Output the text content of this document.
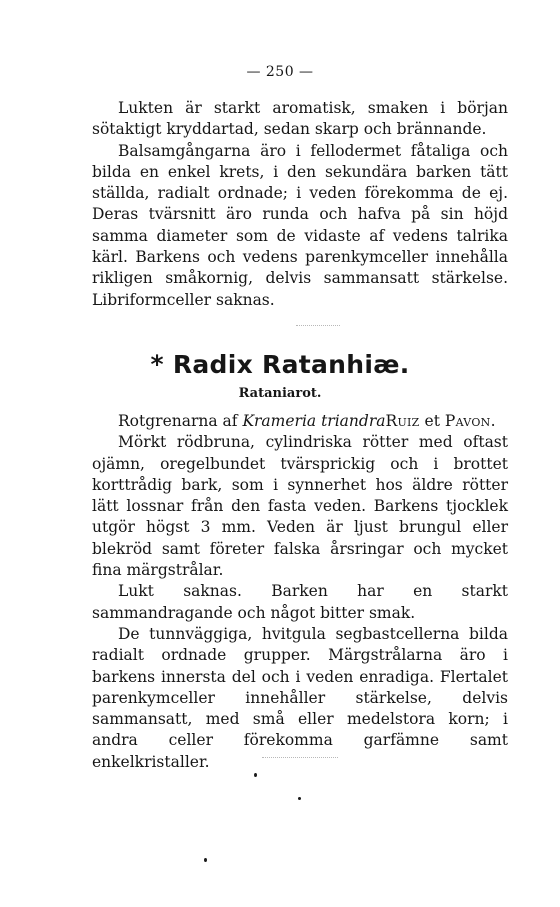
— 250 —

Lukten är starkt aromatisk, smaken i början sötaktigt kryddartad, sedan skarp och brännande.

Balsamgångarna äro i fellodermet fåtaliga och bilda en enkel krets, i den sekundära barken tätt ställda, radialt ordnade; i veden förekomma de ej. Deras tvärsnitt äro runda och hafva på sin höjd samma diameter som de vidaste af vedens talrika kärl. Barkens och vedens parenkymceller innehålla rikligen småkornig, delvis sammansatt stärkelse. Libriformceller saknas.

* Radix Ratanhiæ.
Rataniarot.

Rotgrenarna af Krameria triandraRuiz et Pavon.

Mörkt rödbruna, cylindriska rötter med oftast ojämn, oregelbundet tvärsprickig och i brottet korttrådig bark, som i synnerhet hos äldre rötter lätt lossnar från den fasta veden. Barkens tjocklek utgör högst 3 mm. Veden är ljust brungul eller blekröd samt företer falska årsringar och mycket fina märgstrålar.

Lukt saknas. Barken har en starkt sammandragande och något bitter smak.

De tunnväggiga, hvitgula segbastcellerna bilda radialt ordnade grupper. Märgstrålarna äro i barkens innersta del och i veden enradiga. Flertalet parenkymceller innehåller stärkelse, delvis sammansatt, med små eller medelstora korn; i andra celler förekomma garfämne samt enkelkristaller.
